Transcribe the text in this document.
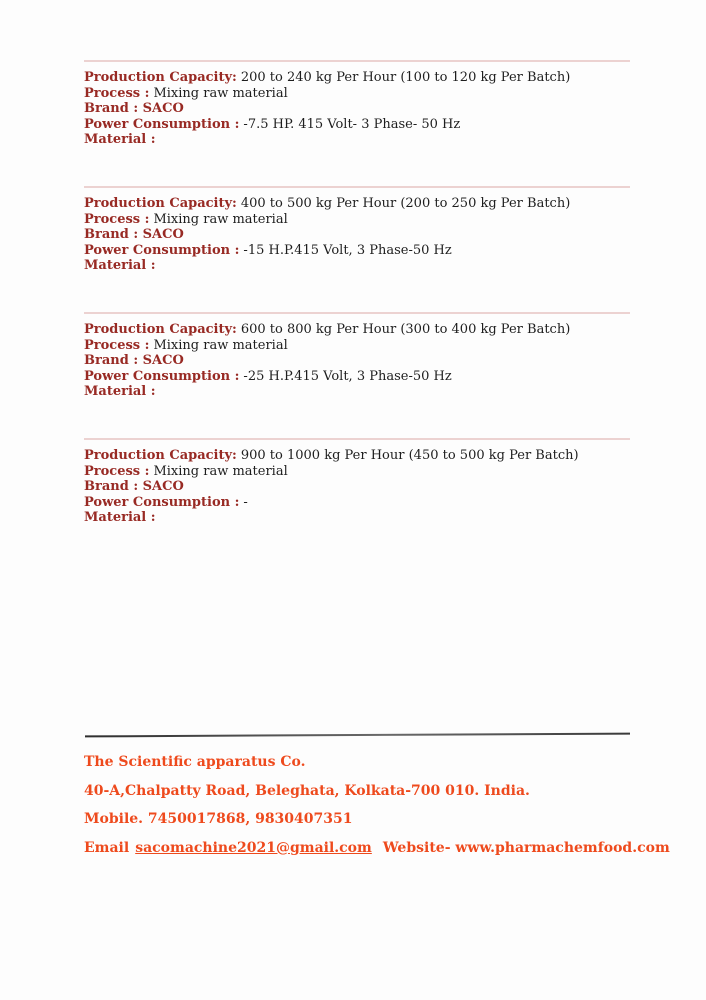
Production Capacity: 200 to 240 kg Per Hour (100 to 120 kg Per Batch)
Process : Mixing raw material
Brand : SACO
Power Consumption : -7.5 HP. 415 Volt- 3 Phase- 50 Hz
Material :
Production Capacity: 400 to 500 kg Per Hour (200 to 250 kg Per Batch)
Process : Mixing raw material
Brand : SACO
Power Consumption : -15 H.P.415 Volt, 3 Phase-50 Hz
Material :
Production Capacity: 600 to 800 kg Per Hour (300 to 400 kg Per Batch)
Process : Mixing raw material
Brand : SACO
Power Consumption : -25 H.P.415 Volt, 3 Phase-50 Hz
Material :
Production Capacity: 900 to 1000 kg Per Hour (450 to 500 kg Per Batch)
Process : Mixing raw material
Brand : SACO
Power Consumption : -
Material :
The Scientific apparatus Co.
40-A,Chalpatty Road, Beleghata, Kolkata-700 010. India.
Mobile. 7450017868, 9830407351
Email sacomachine2021@gmail.com Website- www.pharmachemfood.com
